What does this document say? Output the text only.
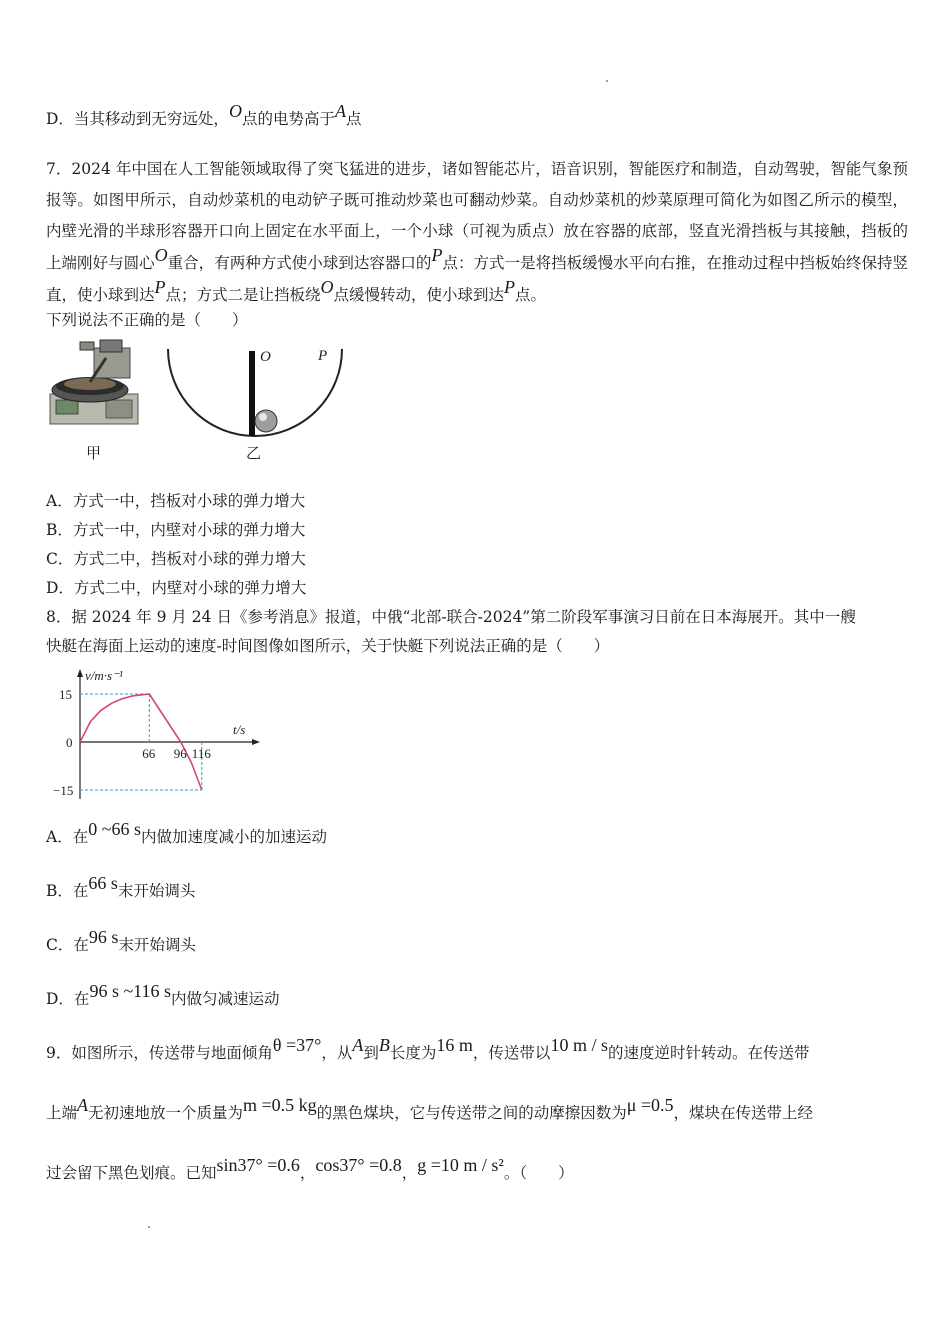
D．当其移动到无穷远处，O点的电势高于A点
7．2024 年中国在人工智能领域取得了突飞猛进的进步，诸如智能芯片，语音识别，智能医疗和制造，自动驾驶，智能气象预报等。如图甲所示，自动炒菜机的电动铲子既可推动炒菜也可翻动炒菜。自动炒菜机的炒菜原理可简化为如图乙所示的模型，内壁光滑的半球形容器开口向上固定在水平面上，一个小球（可视为质点）放在容器的底部，竖直光滑挡板与其接触，挡板的上端刚好与圆心O重合，有两种方式使小球到达容器口的P点：方式一是将挡板缓慢水平向右推，在推动过程中挡板始终保持竖直，使小球到达P点；方式二是让挡板绕O点缓慢转动，使小球到达P点。
下列说法不正确的是（　　）
甲
O	P
乙
A．方式一中，挡板对小球的弹力增大
B．方式一中，内壁对小球的弹力增大
C．方式二中，挡板对小球的弹力增大
D．方式二中，内壁对小球的弹力增大
8．据 2024 年 9 月 24 日《参考消息》报道，中俄“北部-联合-2024”第二阶段军事演习日前在日本海展开。其中一艘
快艇在海面上运动的速度-时间图像如图所示，关于快艇下列说法正确的是（　　）
v/m·s⁻¹
t/s
0
15
−15
66 96 116
A．在0 ~66 s内做加速度减小的加速运动
B．在66 s末开始调头
C．在96 s末开始调头
D．在96 s ~116 s内做匀减速运动
9．如图所示，传送带与地面倾角θ =37°，从A到B长度为16 m，传送带以10 m / s的速度逆时针转动。在传送带
上端A无初速地放一个质量为m =0.5 kg的黑色煤块，它与传送带之间的动摩擦因数为μ =0.5，煤块在传送带上经
过会留下黑色划痕。已知sin37° =0.6，cos37° =0.8，g =10 m / s²。（　　）
